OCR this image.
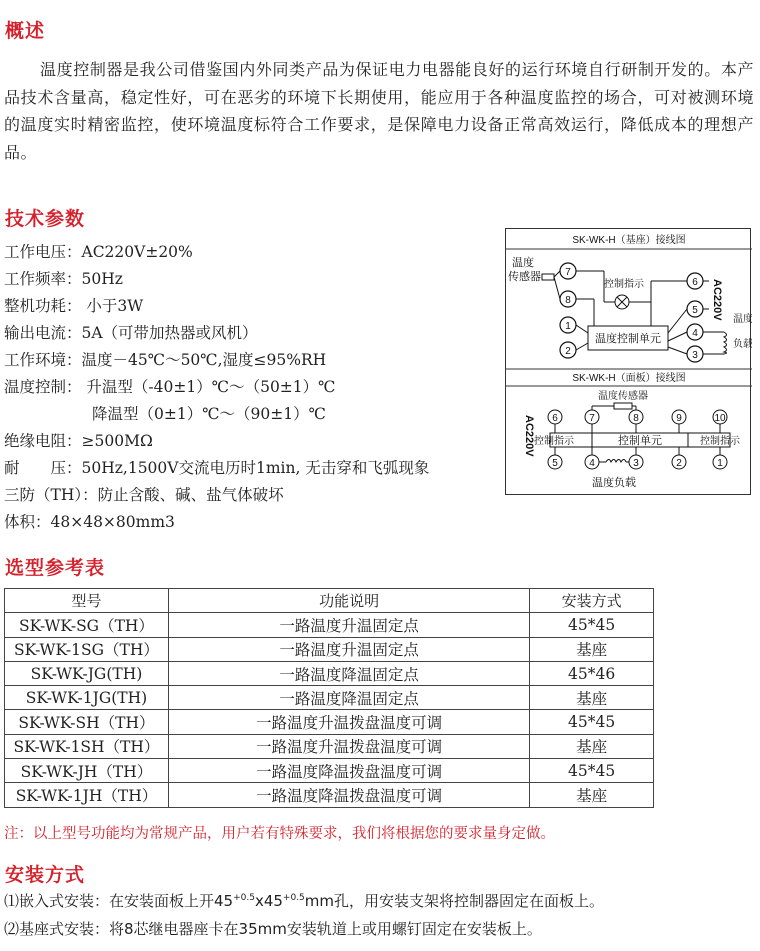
概述
温度控制器是我公司借鉴国内外同类产品为保证电力电器能良好的运行环境自行研制开发的。本产品技术含量高，稳定性好，可在恶劣的环境下长期使用，能应用于各种温度监控的场合，可对被测环境的温度实时精密监控，使环境温度标符合工作要求，是保障电力设备正常高效运行，降低成本的理想产品。
技术参数
工作电压：AC220V±20%
工作频率：50Hz
整机功耗： 小于3W
输出电流：5A（可带加热器或风机）
工作环境：温度－45℃～50℃,湿度≤95%RH
温度控制： 升温型（-40±1）℃～（50±1）℃
降温型（0±1）℃～（90±1）℃
绝缘电阻：≥500MΩ
耐　　压：50Hz,1500V交流电历时1min, 无击穿和飞弧现象
三防（TH）：防止含酸、碱、盐气体破坏
体积：48×48×80mm3
SK-WK-H（基座）接线图
温度
传感器 7
8
1
2
控制指示
温度控制单元
6
5
4
3
AC220V 温度
负载
SK-WK-H（面板）接线图
温度传感器
6	7	8	9	10
AC220V	控制单元
控制指示	控制指示
5	4	3	2	1
温度负载
选型参考表
型号	功能说明	安装方式
SK-WK-SG（TH）	一路温度升温固定点	45*45
SK-WK-1SG（TH）	一路温度升温固定点	基座
SK-WK-JG(TH)	一路温度降温固定点	45*46
SK-WK-1JG(TH)	一路温度降温固定点	基座
SK-WK-SH（TH）	一路温度升温拨盘温度可调	45*45
SK-WK-1SH（TH）	一路温度升温拨盘温度可调	基座
SK-WK-JH（TH）	一路温度降温拨盘温度可调	45*45
SK-WK-1JH（TH）	一路温度降温拨盘温度可调	基座
注：以上型号功能均为常规产品，用户若有特殊要求，我们将根据您的要求量身定做。
安装方式
⑴嵌入式安装：在安装面板上开$45^{+0.5}x45^{+0.5}mm$孔，用安装支架将控制器固定在面板上。
⑵基座式安装：将8芯继电器座卡在35mm安装轨道上或用螺钉固定在安装板上。
